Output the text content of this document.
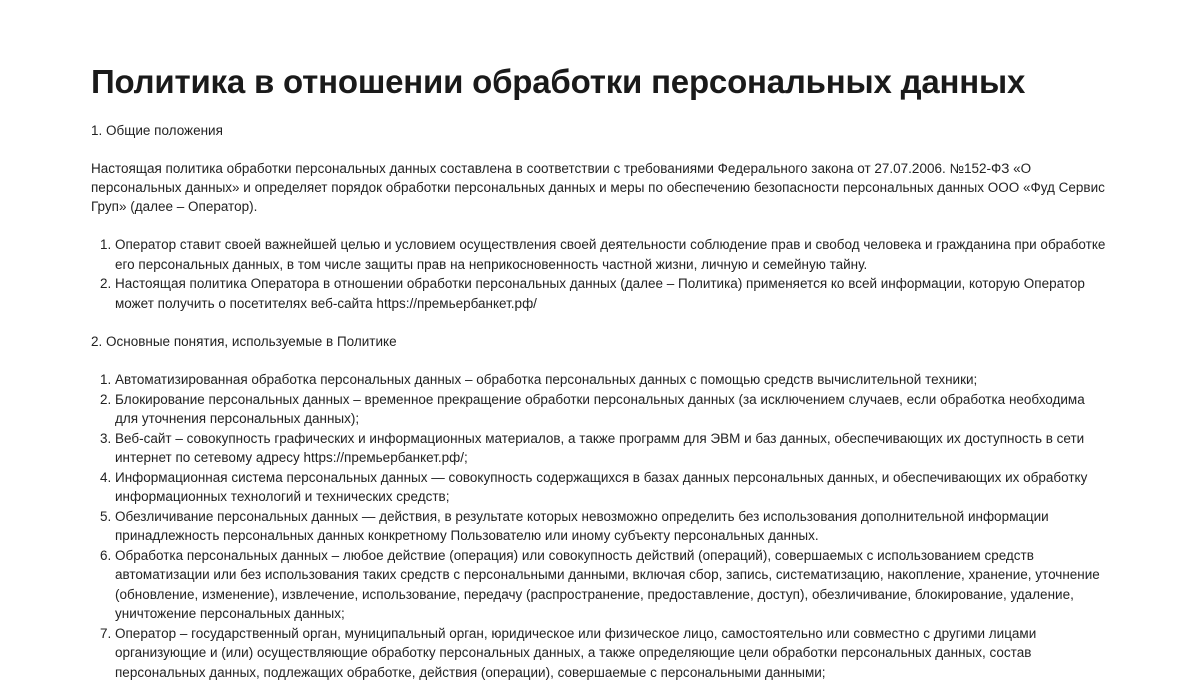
Политика в отношении обработки персональных данных
1. Общие положения
Настоящая политика обработки персональных данных составлена в соответствии с требованиями Федерального закона от 27.07.2006. №152-ФЗ «О персональных данных» и определяет порядок обработки персональных данных и меры по обеспечению безопасности персональных данных ООО «Фуд Сервис Груп» (далее – Оператор).
1. Оператор ставит своей важнейшей целью и условием осуществления своей деятельности соблюдение прав и свобод человека и гражданина при обработке его персональных данных, в том числе защиты прав на неприкосновенность частной жизни, личную и семейную тайну.
2. Настоящая политика Оператора в отношении обработки персональных данных (далее – Политика) применяется ко всей информации, которую Оператор может получить о посетителях веб-сайта https://премьербанкет.рф/
2. Основные понятия, используемые в Политике
1. Автоматизированная обработка персональных данных – обработка персональных данных с помощью средств вычислительной техники;
2. Блокирование персональных данных – временное прекращение обработки персональных данных (за исключением случаев, если обработка необходима для уточнения персональных данных);
3. Веб-сайт – совокупность графических и информационных материалов, а также программ для ЭВМ и баз данных, обеспечивающих их доступность в сети интернет по сетевому адресу https://премьербанкет.рф/;
4. Информационная система персональных данных — совокупность содержащихся в базах данных персональных данных, и обеспечивающих их обработку информационных технологий и технических средств;
5. Обезличивание персональных данных — действия, в результате которых невозможно определить без использования дополнительной информации принадлежность персональных данных конкретному Пользователю или иному субъекту персональных данных.
6. Обработка персональных данных – любое действие (операция) или совокупность действий (операций), совершаемых с использованием средств автоматизации или без использования таких средств с персональными данными, включая сбор, запись, систематизацию, накопление, хранение, уточнение (обновление, изменение), извлечение, использование, передачу (распространение, предоставление, доступ), обезличивание, блокирование, удаление, уничтожение персональных данных;
7. Оператор – государственный орган, муниципальный орган, юридическое или физическое лицо, самостоятельно или совместно с другими лицами организующие и (или) осуществляющие обработку персональных данных, а также определяющие цели обработки персональных данных, состав персональных данных, подлежащих обработке, действия (операции), совершаемые с персональными данными;
